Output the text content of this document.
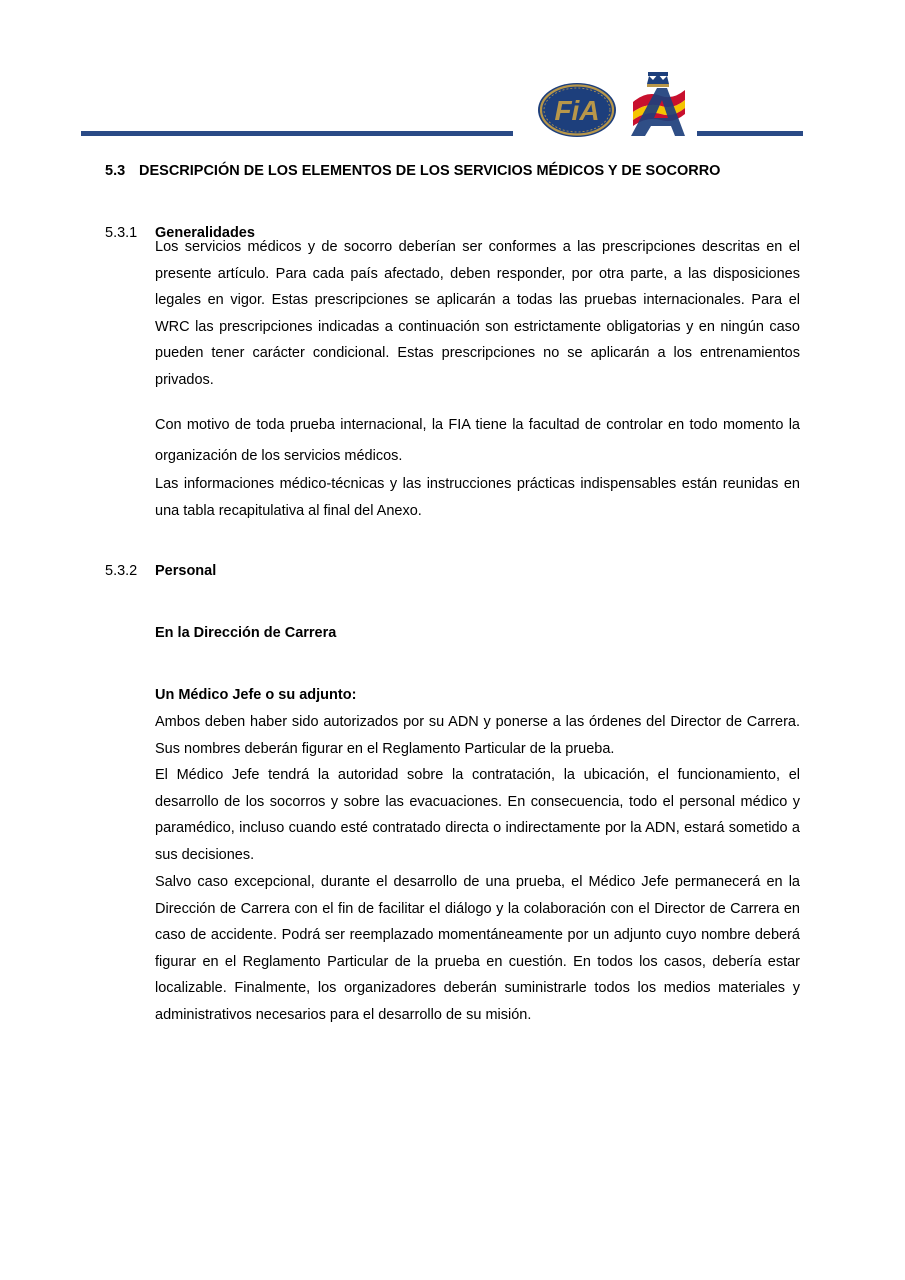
FiA
5.3 DESCRIPCIÓN DE LOS ELEMENTOS DE LOS SERVICIOS MÉDICOS Y DE SOCORRO
5.3.1 Generalidades

Los servicios médicos y de socorro deberían ser conformes a las prescripciones descritas en el presente artículo. Para cada país afectado, deben responder, por otra parte, a las disposiciones legales en vigor. Estas prescripciones se aplicarán a todas las pruebas internacionales. Para el WRC las prescripciones indicadas a continuación son estrictamente obligatorias y en ningún caso pueden tener carácter condicional. Estas prescripciones no se aplicarán a los entrenamientos privados.

Con motivo de toda prueba internacional, la FIA tiene la facultad de controlar en todo momento la organización de los servicios médicos.

Las informaciones médico-técnicas y las instrucciones prácticas indispensables están reunidas en una tabla recapitulativa al final del Anexo.

5.3.2 Personal
En la Dirección de Carrera
Un Médico Jefe o su adjunto:

Ambos deben haber sido autorizados por su ADN y ponerse a las órdenes del Director de Carrera. Sus nombres deberán figurar en el Reglamento Particular de la prueba.

El Médico Jefe tendrá la autoridad sobre la contratación, la ubicación, el funcionamiento, el desarrollo de los socorros y sobre las evacuaciones. En consecuencia, todo el personal médico y paramédico, incluso cuando esté contratado directa o indirectamente por la ADN, estará sometido a sus decisiones.

Salvo caso excepcional, durante el desarrollo de una prueba, el Médico Jefe permanecerá en la Dirección de Carrera con el fin de facilitar el diálogo y la colaboración con el Director de Carrera en caso de accidente. Podrá ser reemplazado momentáneamente por un adjunto cuyo nombre deberá figurar en el Reglamento Particular de la prueba en cuestión. En todos los casos, debería estar localizable. Finalmente, los organizadores deberán suministrarle todos los medios materiales y administrativos necesarios para el desarrollo de su misión.
